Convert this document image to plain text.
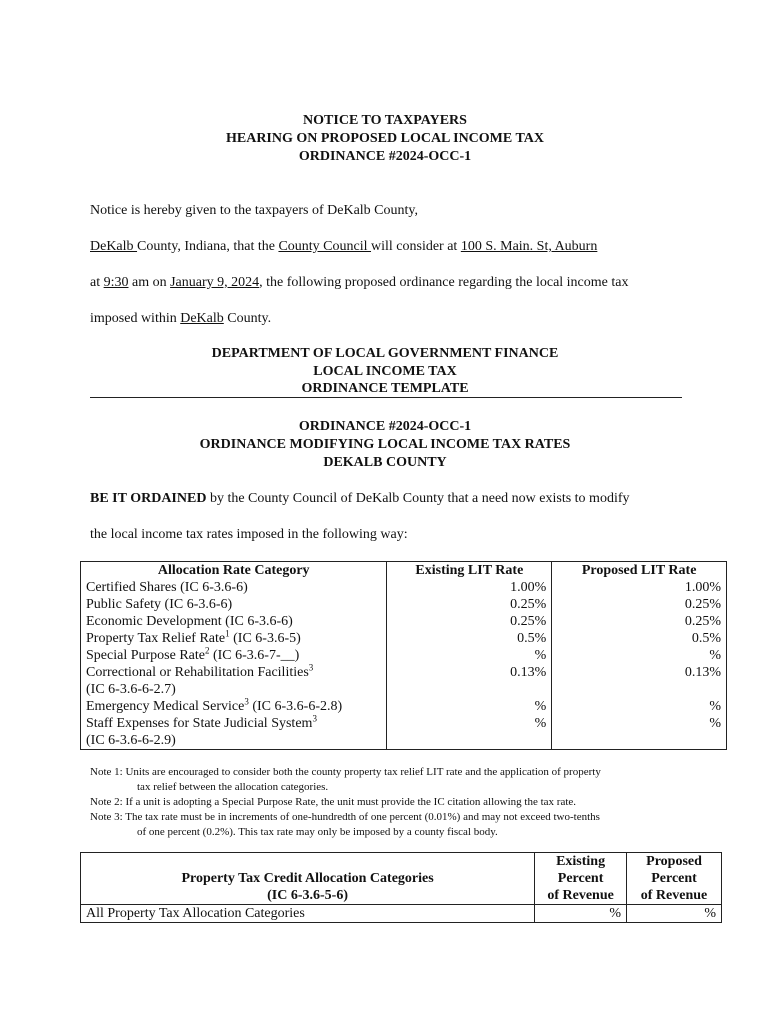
NOTICE TO TAXPAYERS
HEARING ON PROPOSED LOCAL INCOME TAX
ORDINANCE #2024-OCC-1
Notice is hereby given to the taxpayers of DeKalb County,
DeKalb County, Indiana, that the County Council will consider at 100 S. Main. St, Auburn
at 9:30 am on January 9, 2024, the following proposed ordinance regarding the local income tax
imposed within DeKalb County.
DEPARTMENT OF LOCAL GOVERNMENT FINANCE
LOCAL INCOME TAX
ORDINANCE TEMPLATE
ORDINANCE #2024-OCC-1
ORDINANCE MODIFYING LOCAL INCOME TAX RATES
DEKALB COUNTY
BE IT ORDAINED by the County Council of DeKalb County that a need now exists to modify
the local income tax rates imposed in the following way:
Allocation Rate Category	Existing LIT Rate	Proposed LIT Rate
Certified Shares (IC 6-3.6-6)	1.00%	1.00%
Public Safety (IC 6-3.6-6)	0.25%	0.25%
Economic Development (IC 6-3.6-6)	0.25%	0.25%
Property Tax Relief Rate$^1$ (IC 6-3.6-5)	0.5%	0.5%
Special Purpose Rate$^2$ (IC 6-3.6-7-__)	%	%
Correctional or Rehabilitation Facilities$^3$
(IC 6-3.6-6-2.7)	0.13%	0.13%
Emergency Medical Service$^3$ (IC 6-3.6-6-2.8)	%	%
Staff Expenses for State Judicial System$^3$
(IC 6-3.6-6-2.9)	%	%
Note 1: Units are encouraged to consider both the county property tax relief LIT rate and the application of property
tax relief between the allocation categories.
Note 2: If a unit is adopting a Special Purpose Rate, the unit must provide the IC citation allowing the tax rate.
Note 3: The tax rate must be in increments of one-hundredth of one percent (0.01%) and may not exceed two-tenths
of one percent (0.2%). This tax rate may only be imposed by a county fiscal body.
Property Tax Credit Allocation Categories
(IC 6-3.6-5-6)	Existing
Percent
of Revenue	Proposed
Percent
of Revenue
All Property Tax Allocation Categories	%	%
